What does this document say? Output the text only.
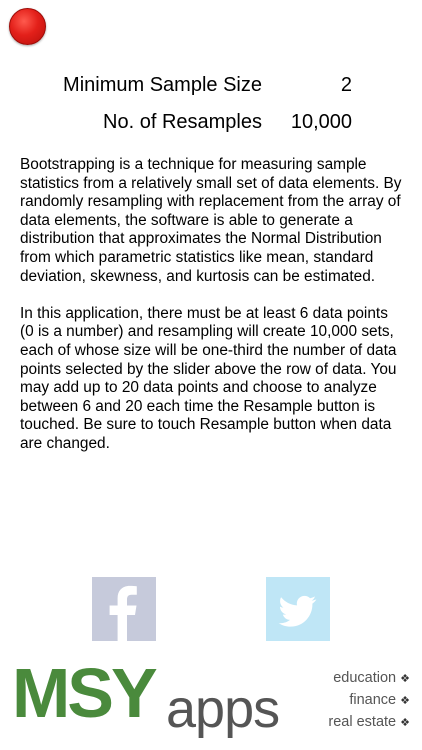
Minimum Sample Size	2
No. of Resamples 10,000

Bootstrapping is a technique for measuring sample statistics from a relatively small set of data elements. By randomly resampling with replacement from the array of data elements, the software is able to generate a distribution that approximates the Normal Distribution from which parametric statistics like mean, standard deviation, skewness, and kurtosis can be estimated.

In this application, there must be at least 6 data points (0 is a number) and resampling will create 10,000 sets, each of whose size will be one-third the number of data points selected by the slider above the row of data. You may add up to 20 data points and choose to analyze between 6 and 20 each time the Resample button is touched. Be sure to touch Resample button when data are changed.

MSY apps
education ❖
finance ❖
real estate ❖
